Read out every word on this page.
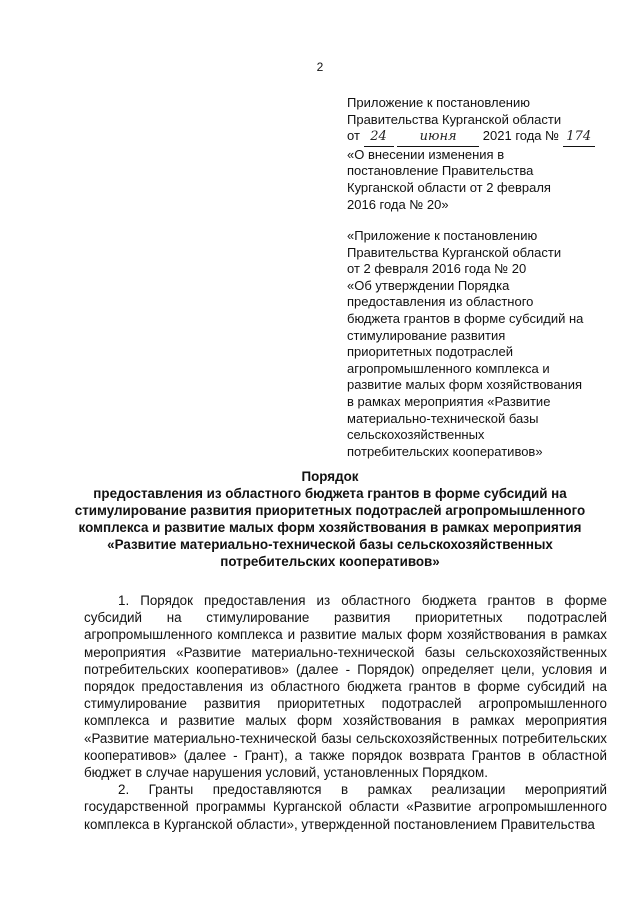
2
Приложение к постановлению
Правительства Курганской области
от 24	июня 2021 года № 174
«О внесении изменения в
постановление Правительства
Курганской области от 2 февраля
2016 года № 20»
«Приложение к постановлению
Правительства Курганской области
от 2 февраля 2016 года № 20
«Об утверждении Порядка
предоставления из областного
бюджета грантов в форме субсидий на
стимулирование развития
приоритетных подотраслей
агропромышленного комплекса и
развитие малых форм хозяйствования
в рамках мероприятия «Развитие
материально-технической базы
сельскохозяйственных
потребительских кооперативов»
Порядок
предоставления из областного бюджета грантов в форме субсидий на
стимулирование развития приоритетных подотраслей агропромышленного
комплекса и развитие малых форм хозяйствования в рамках мероприятия
«Развитие материально-технической базы сельскохозяйственных
потребительских кооперативов»

1. Порядок предоставления из областного бюджета грантов в форме субсидий на стимулирование развития приоритетных подотраслей агропромышленного комплекса и развитие малых форм хозяйствования в рамках мероприятия «Развитие материально-технической базы сельскохозяйственных потребительских кооперативов» (далее - Порядок) определяет цели, условия и порядок предоставления из областного бюджета грантов в форме субсидий на стимулирование развития приоритетных подотраслей агропромышленного комплекса и развитие малых форм хозяйствования в рамках мероприятия «Развитие материально-технической базы сельскохозяйственных потребительских кооперативов» (далее - Грант), а также порядок возврата Грантов в областной бюджет в случае нарушения условий, установленных Порядком.

2. Гранты предоставляются в рамках реализации мероприятий государственной программы Курганской области «Развитие агропромышленного комплекса в Курганской области», утвержденной постановлением Правительства
